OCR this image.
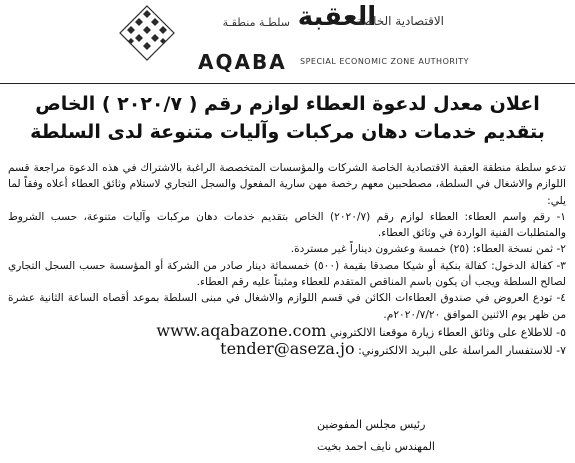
سلطـة منطقـة العقبة
الاقتصادية الخاصة
AQABA SPECIAL ECONOMIC ZONE AUTHORITY
اعلان معدل لدعوة العطاء لوازم رقم ( ٢٠٢٠/٧ ) الخاص
بتقديم خدمات دهان مركبات وآليات متنوعة لدى السلطة

تدعو سلطة منطقة العقبة الاقتصادية الخاصة الشركات والمؤسسات المتخصصة الراغبة بالاشتراك في هذه الدعوة مراجعة قسم اللوازم والاشغال في السلطة، مصطحبين معهم رخصة مهن سارية المفعول والسجل التجاري لاستلام وثائق العطاء أعلاه وفقاً لما يلي:

١- رقم واسم العطاء: العطاء لوازم رقم (٢٠٢٠/٧) الخاص بتقديم خدمات دهان مركبات وآليات متنوعة، حسب الشروط والمتطلبات الفنية الواردة في وثائق العطاء.

٢- ثمن نسخة العطاء: (٢٥) خمسة وعشرون ديناراً غير مستردة.

٣- كفالة الدخول: كفالة بنكية أو شيكا مصدقا بقيمة (٥٠٠) خمسمائة دينار صادر من الشركة أو المؤسسة حسب السجل التجاري لصالح السلطة ويجب أن يكون باسم المناقص المتقدم للعطاء ومثبتاً عليه رقم العطاء.

٤- تودع العروض في صندوق العطاءات الكائن في قسم اللوازم والاشغال في مبنى السلطة بموعد أقصاه الساعة الثانية عشرة من ظهر يوم الاثنين الموافق ٢٠٢٠/٧/٢٠م.

٥- للاطلاع على وثائق العطاء زيارة موقعنا الالكتروني www.aqabazone.com
٧- للاستفسار المراسلة على البريد الالكتروني: tender@aseza.jo
رئيس مجلس المفوضين
المهندس نايف احمد بخيت
